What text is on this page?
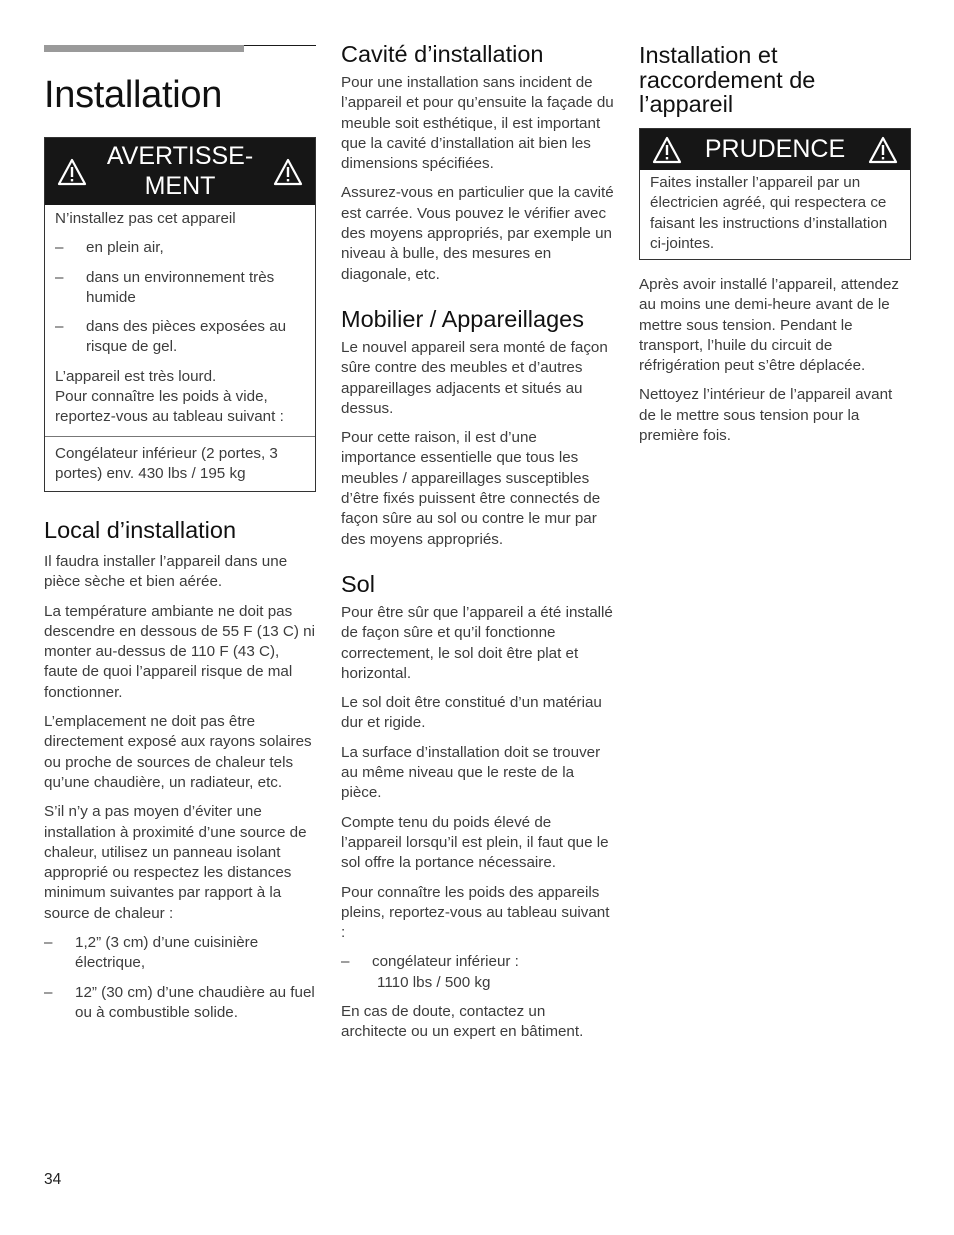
Installation
AVERTISSE-
MENT

N’installez pas cet appareil

– en plein air,
– dans un environnement très humide
– dans des pièces exposées au risque de gel.

L’appareil est très lourd.
Pour connaître les poids à vide, reportez-vous au tableau suivant :

Congélateur inférieur (2 portes, 3 portes) env. 430 lbs / 195 kg

Local d’installation

Il faudra installer l’appareil dans une pièce sèche et bien aérée.

La température ambiante ne doit pas descendre en dessous de 55 F (13 C) ni monter au-dessus de 110 F (43 C), faute de quoi l’appareil risque de mal fonctionner.

L’emplacement ne doit pas être directement exposé aux rayons solaires ou proche de sources de chaleur tels qu’une chaudière, un radiateur, etc.

S’il n’y a pas moyen d’éviter une installation à proximité d’une source de chaleur, utilisez un panneau isolant approprié ou respectez les distances minimum suivantes par rapport à la source de chaleur :

– 1,2” (3 cm) d’une cuisinière électrique,
– 12” (30 cm) d’une chaudière au fuel ou à combustible solide.
Cavité d’installation

Pour une installation sans incident de l’appareil et pour qu’ensuite la façade du meuble soit esthétique, il est important que la cavité d’installation ait bien les dimensions spécifiées.

Assurez-vous en particulier que la cavité est carrée. Vous pouvez le vérifier avec des moyens appropriés, par exemple un niveau à bulle, des mesures en diagonale, etc.

Mobilier / Appareillages

Le nouvel appareil sera monté de façon sûre contre des meubles et d’autres appareillages adjacents et situés au dessus.

Pour cette raison, il est d’une importance essentielle que tous les meubles / appareillages susceptibles d’être fixés puissent être connectés de façon sûre au sol ou contre le mur par des moyens appropriés.

Sol

Pour être sûr que l’appareil a été installé de façon sûre et qu’il fonctionne correctement, le sol doit être plat et horizontal.

Le sol doit être constitué d’un matériau dur et rigide.

La surface d’installation doit se trouver au même niveau que le reste de la pièce.

Compte tenu du poids élevé de l’appareil lorsqu’il est plein, il faut que le sol offre la portance nécessaire.

Pour connaître les poids des appareils pleins, reportez-vous au tableau suivant :

– congélateur inférieur :
1110 lbs / 500 kg

En cas de doute, contactez un architecte ou un expert en bâtiment.

Installation et raccordement de l’appareil
PRUDENCE

Faites installer l’appareil par un électricien agréé, qui respectera ce faisant les instructions d’installation ci-jointes.

Après avoir installé l’appareil, attendez au moins une demi-heure avant de le mettre sous tension. Pendant le transport, l’huile du circuit de réfrigération peut s’être déplacée.

Nettoyez l’intérieur de l’appareil avant de le mettre sous tension pour la première fois.

34
